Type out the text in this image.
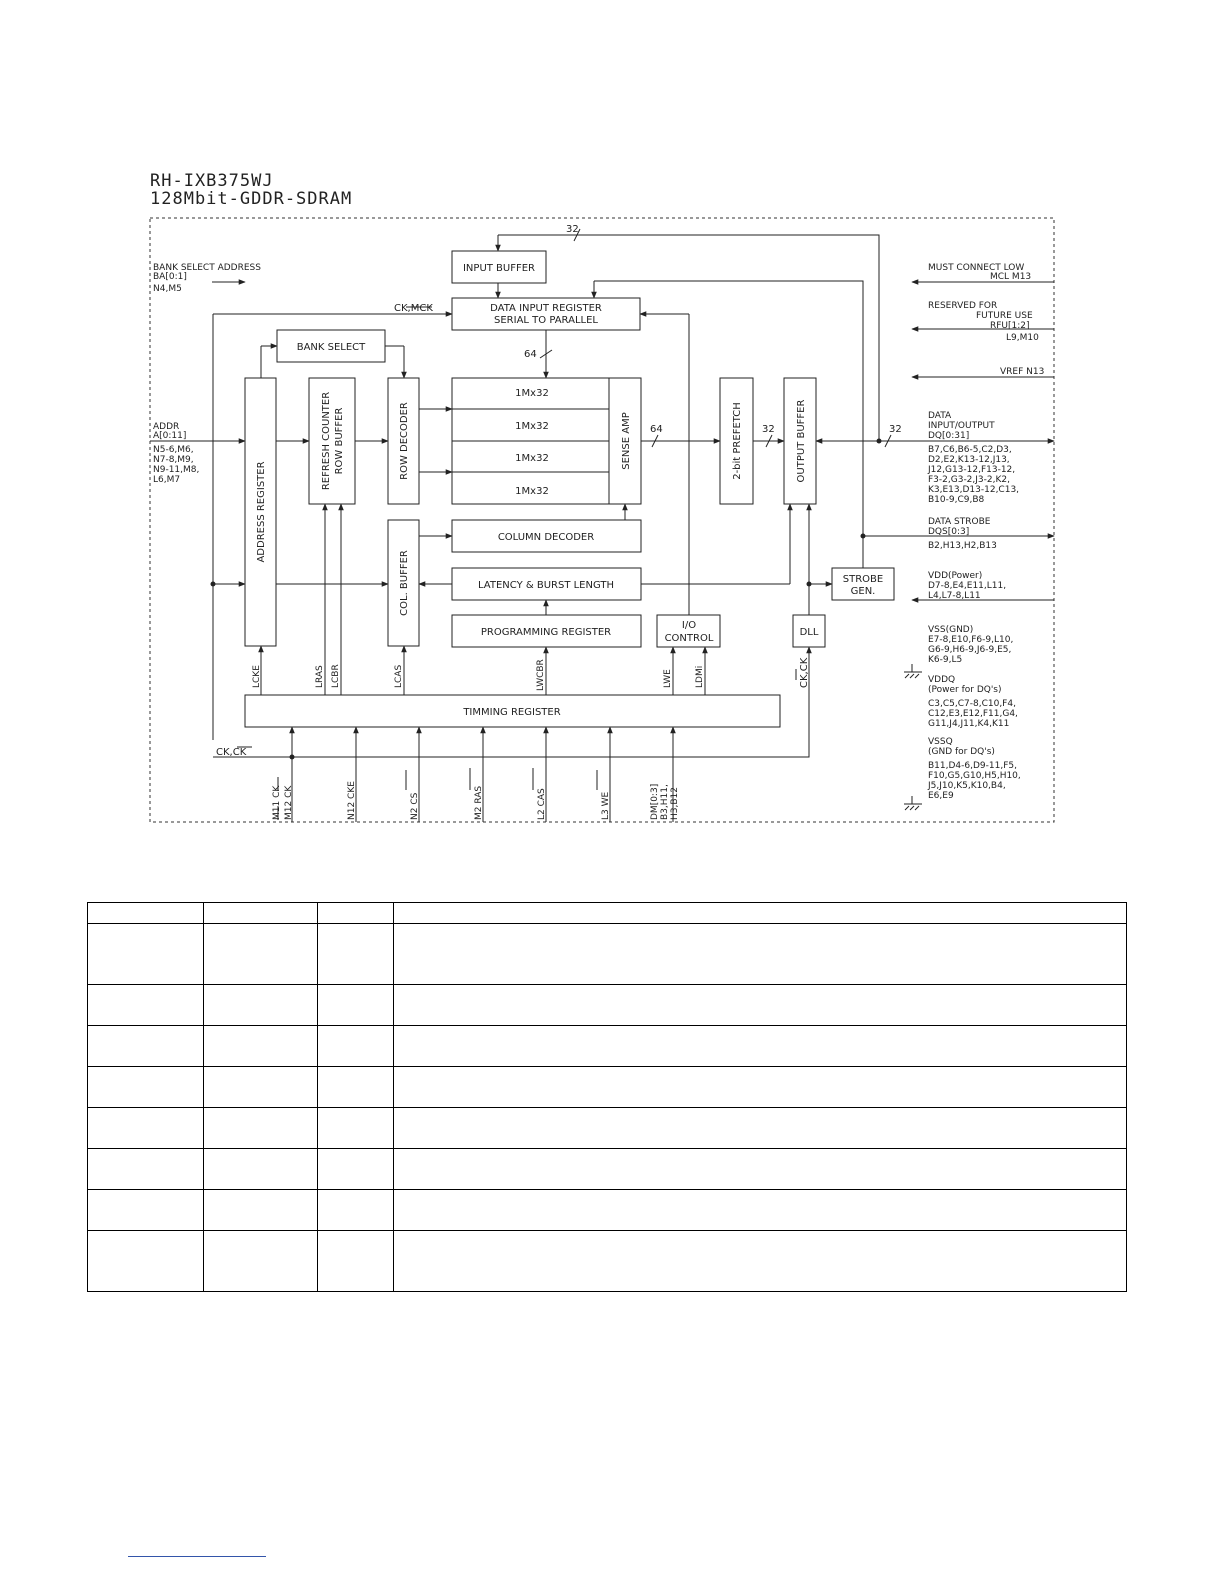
RH-IXB375WJ
128Mbit-GDDR-SDRAM
INPUT BUFFER
DATA INPUT REGISTER
SERIAL TO PARALLEL
BANK SELECT
ADDRESS REGISTER
REFRESH COUNTER ROW BUFFER	ROW DECODER
1Mx32
1Mx32
1Mx32
1Mx32
SENSE AMP	2-bit PREFETCH	OUTPUT BUFFER
COL. BUFFER
COLUMN DECODER
LATENCY & BURST LENGTH
PROGRAMMING REGISTER
I/O
CONTROL
DLL
STROBE
GEN.
TIMMING REGISTER
32
64
64	32	32
CK,MCK
CK,CK
CK,CK
LCKE	LRAS LCBR	LCAS	LWCBR	LWE LDMi
M11 CK M12 CK	N12 CKE	N2 CS	M2 RAS	L2 CAS	L3 WE	DM[0:3] B3,H11, H3,B12
BANK SELECT ADDRESS
BA[0:1]
N4,M5
ADDR
A[0:11]
N5-6,M6,
N7-8,M9,
N9-11,M8,
L6,M7
MUST CONNECT LOW
MCL M13
RESERVED FOR
FUTURE USE
RFU[1:2]
L9,M10
VREF N13
DATA
INPUT/OUTPUT
DQ[0:31]
B7,C6,B6-5,C2,D3,
D2,E2,K13-12,J13,
J12,G13-12,F13-12,
F3-2,G3-2,J3-2,K2,
K3,E13,D13-12,C13,
B10-9,C9,B8
DATA STROBE
DQS[0:3]
B2,H13,H2,B13
VDD(Power)
D7-8,E4,E11,L11,
L4,L7-8,L11
VSS(GND)
E7-8,E10,F6-9,L10,
G6-9,H6-9,J6-9,E5,
K6-9,L5
VDDQ
(Power for DQ's)
C3,C5,C7-8,C10,F4,
C12,E3,E12,F11,G4,
G11,J4,J11,K4,K11
VSSQ
(GND for DQ's)
B11,D4-6,D9-11,F5,
F10,G5,G10,H5,H10,
J5,J10,K5,K10,B4,
E6,E9
